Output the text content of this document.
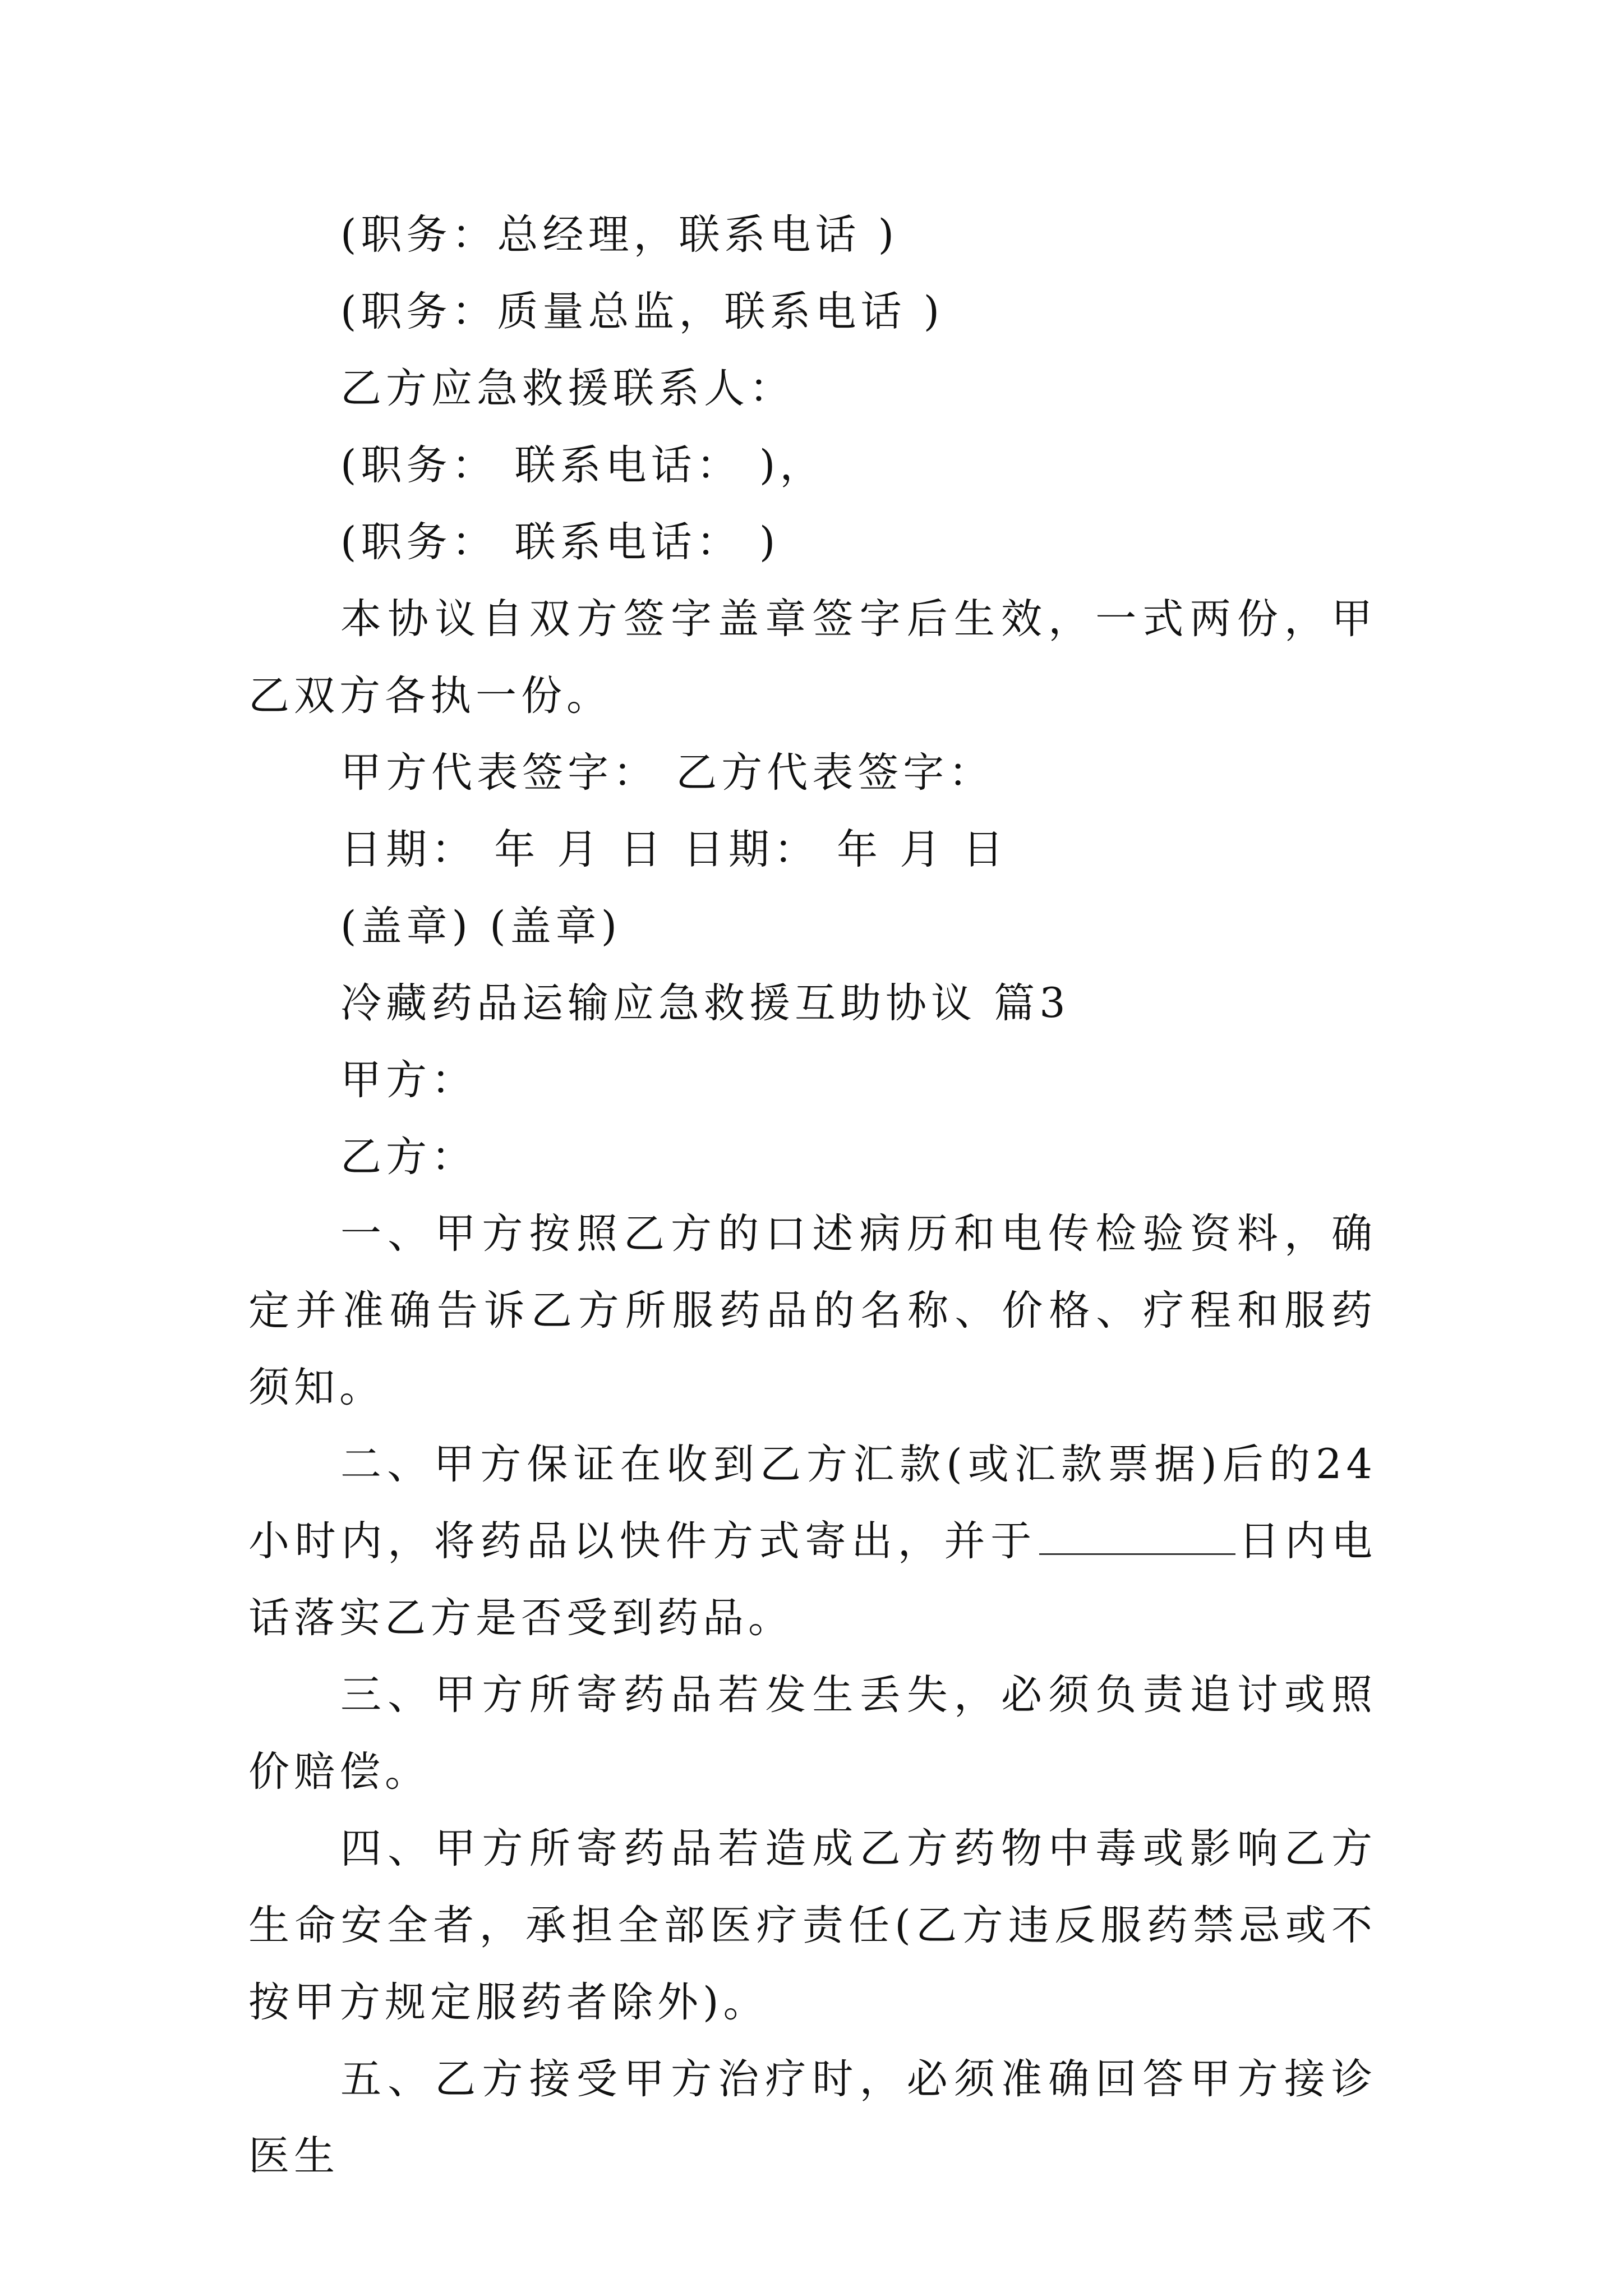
(职务：总经理，联系电话 )

(职务：质量总监，联系电话 )

乙方应急救援联系人：

(职务： 联系电话： )，

(职务： 联系电话： )

本协议自双方签字盖章签字后生效，一式两份，甲乙双方各执一份。

甲方代表签字： 乙方代表签字：

日期： 年 月 日 日期： 年 月 日

(盖章) (盖章)

冷藏药品运输应急救援互助协议 篇3

甲方：

乙方：

一、甲方按照乙方的口述病历和电传检验资料，确定并准确告诉乙方所服药品的名称、价格、疗程和服药须知。

二、甲方保证在收到乙方汇款(或汇款票据)后的24小时内，将药品以快件方式寄出，并于	日内电话落实乙方是否受到药品。

三、甲方所寄药品若发生丢失，必须负责追讨或照价赔偿。

四、甲方所寄药品若造成乙方药物中毒或影响乙方生命安全者，承担全部医疗责任(乙方违反服药禁忌或不按甲方规定服药者除外)。

五、乙方接受甲方治疗时，必须准确回答甲方接诊医生
